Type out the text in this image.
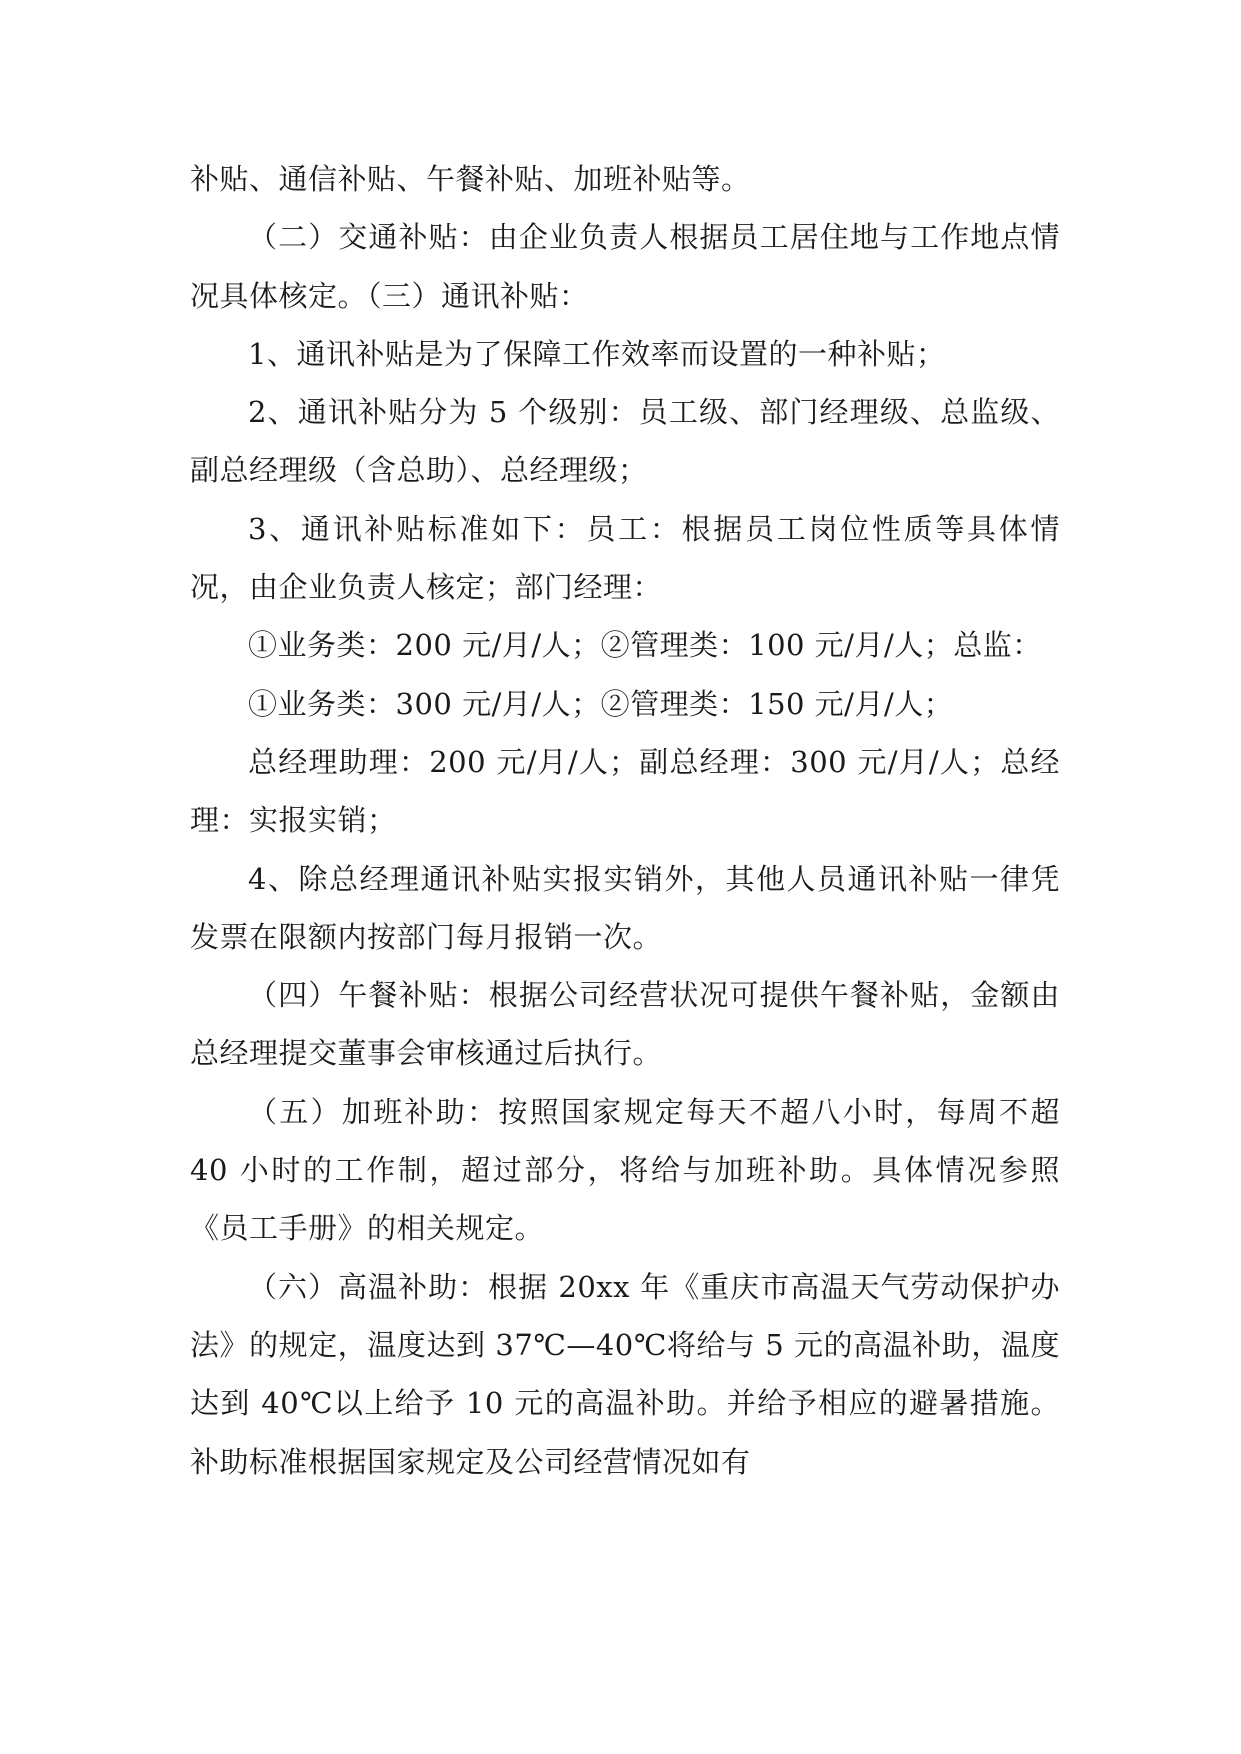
补贴、通信补贴、午餐补贴、加班补贴等。

（二）交通补贴：由企业负责人根据员工居住地与工作地点情况具体核定。（三）通讯补贴：

1、通讯补贴是为了保障工作效率而设置的一种补贴；

2、通讯补贴分为 5 个级别：员工级、部门经理级、总监级、副总经理级（含总助）、总经理级；

3、通讯补贴标准如下：员工：根据员工岗位性质等具体情况，由企业负责人核定；部门经理：

①业务类：200 元/月/人；②管理类：100 元/月/人；总监：

①业务类：300 元/月/人；②管理类：150 元/月/人；

总经理助理：200 元/月/人；副总经理：300 元/月/人；总经理：实报实销；

4、除总经理通讯补贴实报实销外，其他人员通讯补贴一律凭发票在限额内按部门每月报销一次。

（四）午餐补贴：根据公司经营状况可提供午餐补贴，金额由总经理提交董事会审核通过后执行。

（五）加班补助：按照国家规定每天不超八小时，每周不超 40 小时的工作制，超过部分，将给与加班补助。具体情况参照《员工手册》的相关规定。

（六）高温补助：根据 20xx 年《重庆市高温天气劳动保护办法》的规定，温度达到 37℃—40℃将给与 5 元的高温补助，温度达到 40℃以上给予 10 元的高温补助。并给予相应的避暑措施。补助标准根据国家规定及公司经营情况如有
